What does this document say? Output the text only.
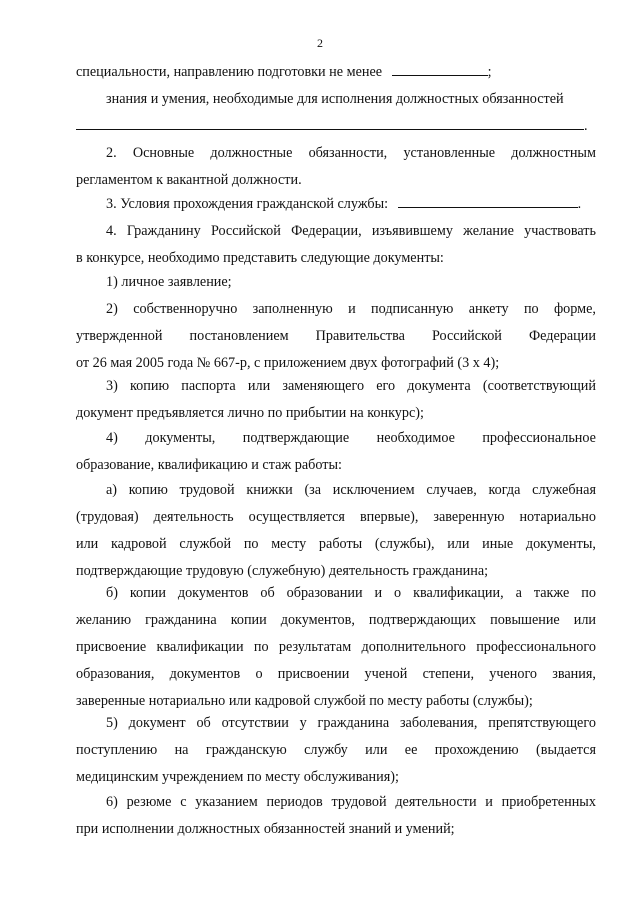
2

специальности, направлению подготовки не менее	;

знания и умения, необходимые для исполнения должностных обязанностей
.

2. Основные должностные обязанности, установленные должностным
регламентом к вакантной должности.

3. Условия прохождения гражданской службы:	.

4. Гражданину Российской Федерации, изъявившему желание участвовать
в конкурсе, необходимо представить следующие документы:

1) личное заявление;

2) собственноручно заполненную и подписанную анкету по форме,
утвержденной постановлением Правительства Российской Федерации
от 26 мая 2005 года № 667-р, с приложением двух фотографий (3 х 4);

3) копию паспорта или заменяющего его документа (соответствующий
документ предъявляется лично по прибытии на конкурс);

4) документы, подтверждающие необходимое профессиональное
образование, квалификацию и стаж работы:

а) копию трудовой книжки (за исключением случаев, когда служебная
(трудовая) деятельность осуществляется впервые), заверенную нотариально
или кадровой службой по месту работы (службы), или иные документы,
подтверждающие трудовую (служебную) деятельность гражданина;

б) копии документов об образовании и о квалификации, а также по
желанию гражданина копии документов, подтверждающих повышение или
присвоение квалификации по результатам дополнительного профессионального
образования, документов о присвоении ученой степени, ученого звания,
заверенные нотариально или кадровой службой по месту работы (службы);

5) документ об отсутствии у гражданина заболевания, препятствующего
поступлению на гражданскую службу или ее прохождению (выдается
медицинским учреждением по месту обслуживания);

6) резюме с указанием периодов трудовой деятельности и приобретенных
при исполнении должностных обязанностей знаний и умений;
